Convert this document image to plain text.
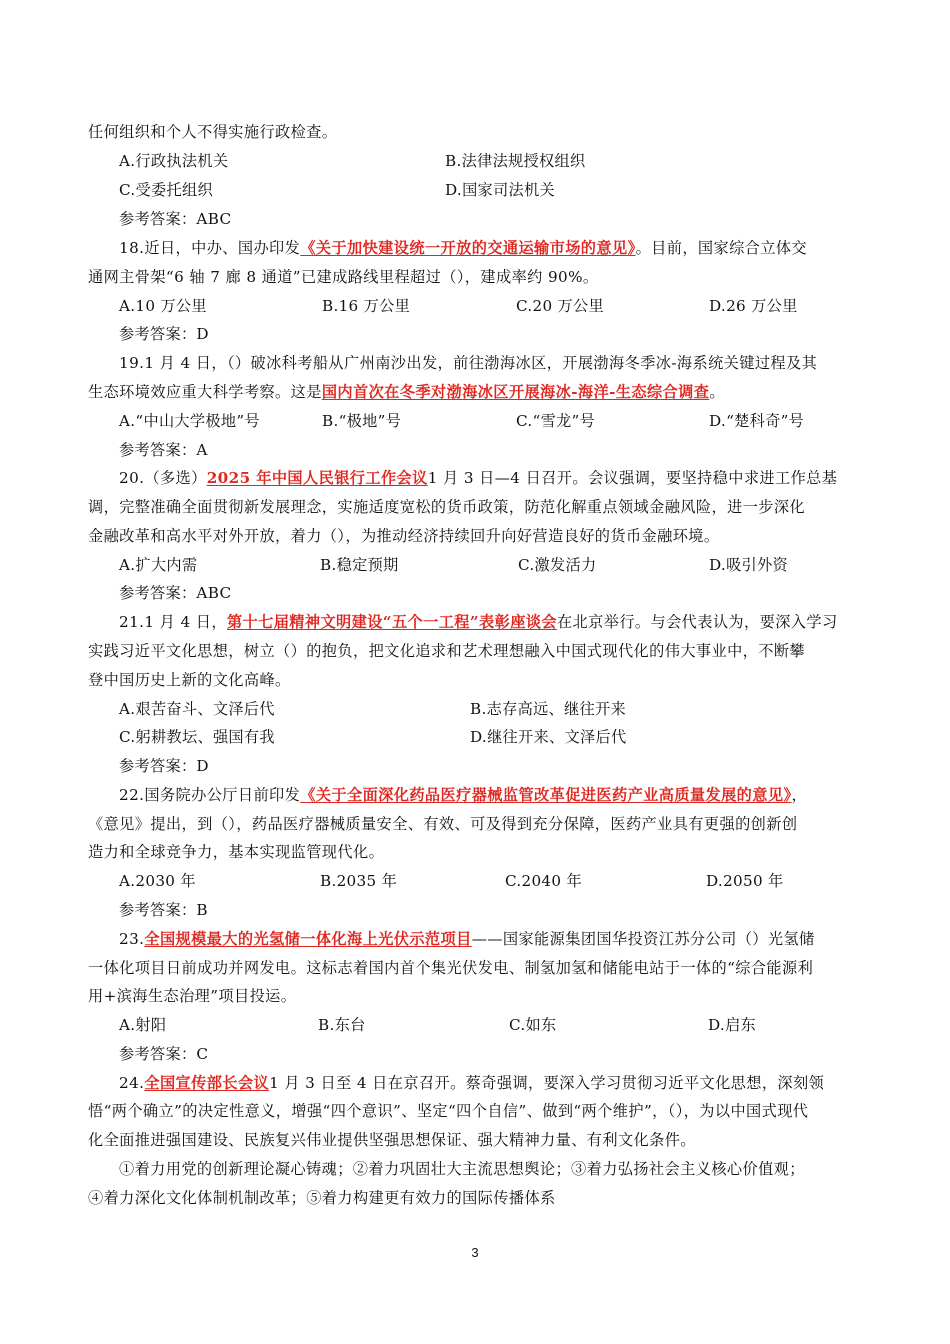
任何组织和个人不得实施行政检查。
A.行政执法机关	B.法律法规授权组织
C.受委托组织	D.国家司法机关
参考答案：ABC
18.近日，中办、国办印发《关于加快建设统一开放的交通运输市场的意见》。目前，国家综合立体交
通网主骨架“6 轴 7 廊 8 通道”已建成路线里程超过（），建成率约 90%。
A.10 万公里	B.16 万公里	C.20 万公里	D.26 万公里
参考答案：D
19.1 月 4 日，（）破冰科考船从广州南沙出发，前往渤海冰区，开展渤海冬季冰-海系统关键过程及其
生态环境效应重大科学考察。这是国内首次在冬季对渤海冰区开展海冰-海洋-生态综合调查。
A.“中山大学极地”号	B.“极地”号	C.“雪龙”号	D.“楚科奇”号
参考答案：A
20.（多选）2025 年中国人民银行工作会议1 月 3 日—4 日召开。会议强调，要坚持稳中求进工作总基
调，完整准确全面贯彻新发展理念，实施适度宽松的货币政策，防范化解重点领域金融风险，进一步深化
金融改革和高水平对外开放，着力（），为推动经济持续回升向好营造良好的货币金融环境。
A.扩大内需	B.稳定预期	C.激发活力	D.吸引外资
参考答案：ABC
21.1 月 4 日，第十七届精神文明建设“五个一工程”表彰座谈会在北京举行。与会代表认为，要深入学习
实践习近平文化思想，树立（）的抱负，把文化追求和艺术理想融入中国式现代化的伟大事业中，不断攀
登中国历史上新的文化高峰。
A.艰苦奋斗、文泽后代	B.志存高远、继往开来
C.躬耕教坛、强国有我	D.继往开来、文泽后代
参考答案：D
22.国务院办公厅日前印发《关于全面深化药品医疗器械监管改革促进医药产业高质量发展的意见》，
《意见》提出，到（），药品医疗器械质量安全、有效、可及得到充分保障，医药产业具有更强的创新创
造力和全球竞争力，基本实现监管现代化。
A.2030 年	B.2035 年	C.2040 年	D.2050 年
参考答案：B
23.全国规模最大的光氢储一体化海上光伏示范项目——国家能源集团国华投资江苏分公司（）光氢储
一体化项目日前成功并网发电。这标志着国内首个集光伏发电、制氢加氢和储能电站于一体的“综合能源利
用+滨海生态治理”项目投运。
A.射阳	B.东台	C.如东	D.启东
参考答案：C
24.全国宣传部长会议1 月 3 日至 4 日在京召开。蔡奇强调，要深入学习贯彻习近平文化思想，深刻领
悟“两个确立”的决定性意义，增强“四个意识”、坚定“四个自信”、做到“两个维护”，（），为以中国式现代
化全面推进强国建设、民族复兴伟业提供坚强思想保证、强大精神力量、有利文化条件。
①着力用党的创新理论凝心铸魂；②着力巩固壮大主流思想舆论；③着力弘扬社会主义核心价值观；
④着力深化文化体制机制改革；⑤着力构建更有效力的国际传播体系
3
